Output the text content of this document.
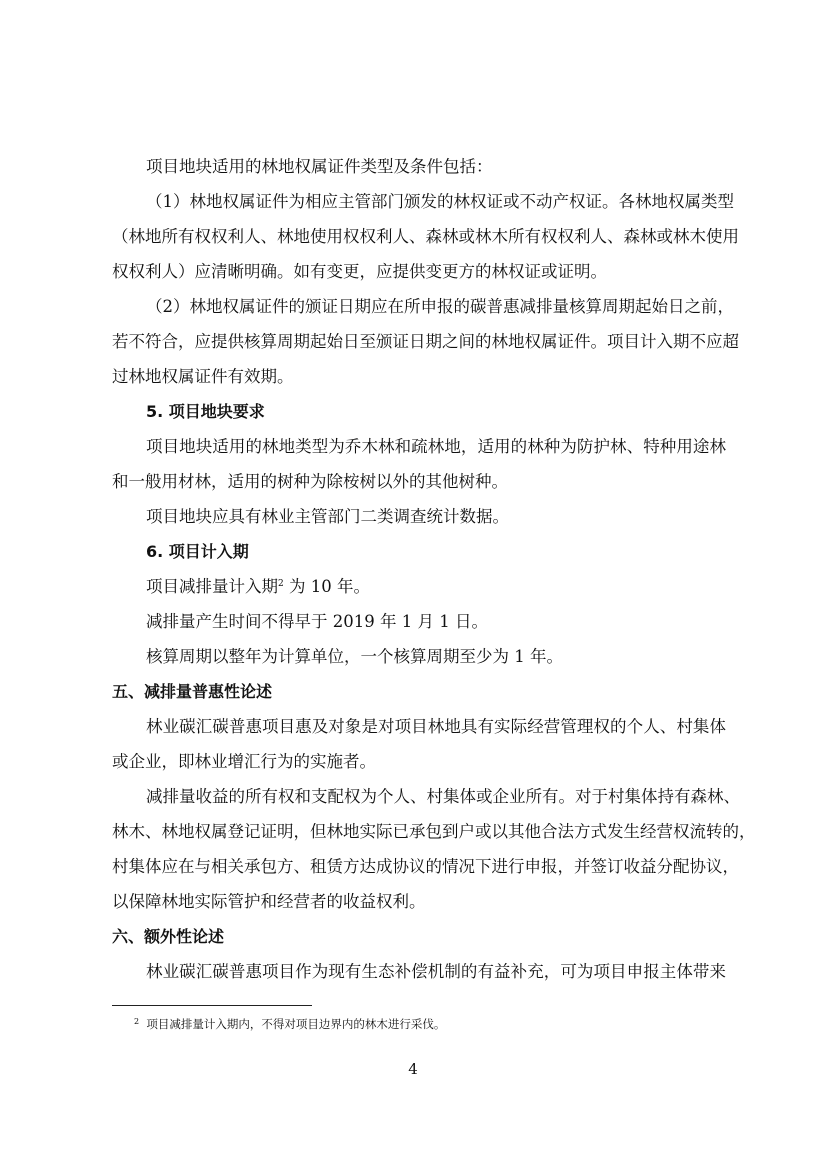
项目地块适用的林地权属证件类型及条件包括：
（1）林地权属证件为相应主管部门颁发的林权证或不动产权证。各林地权属类型
（林地所有权权利人、林地使用权权利人、森林或林木所有权权利人、森林或林木使用
权权利人）应清晰明确。如有变更，应提供变更方的林权证或证明。
（2）林地权属证件的颁证日期应在所申报的碳普惠减排量核算周期起始日之前，
若不符合，应提供核算周期起始日至颁证日期之间的林地权属证件。项目计入期不应超
过林地权属证件有效期。
5. 项目地块要求
项目地块适用的林地类型为乔木林和疏林地，适用的林种为防护林、特种用途林
和一般用材林，适用的树种为除桉树以外的其他树种。
项目地块应具有林业主管部门二类调查统计数据。
6. 项目计入期
项目减排量计入期$^2$ 为 10 年。
减排量产生时间不得早于 2019 年 1 月 1 日。
核算周期以整年为计算单位，一个核算周期至少为 1 年。
五、减排量普惠性论述
林业碳汇碳普惠项目惠及对象是对项目林地具有实际经营管理权的个人、村集体
或企业，即林业增汇行为的实施者。
减排量收益的所有权和支配权为个人、村集体或企业所有。对于村集体持有森林、
林木、林地权属登记证明，但林地实际已承包到户或以其他合法方式发生经营权流转的，
村集体应在与相关承包方、租赁方达成协议的情况下进行申报，并签订收益分配协议，
以保障林地实际管护和经营者的收益权利。
六、额外性论述
林业碳汇碳普惠项目作为现有生态补偿机制的有益补充，可为项目申报主体带来
$^2$ 项目减排量计入期内，不得对项目边界内的林木进行采伐。
4
